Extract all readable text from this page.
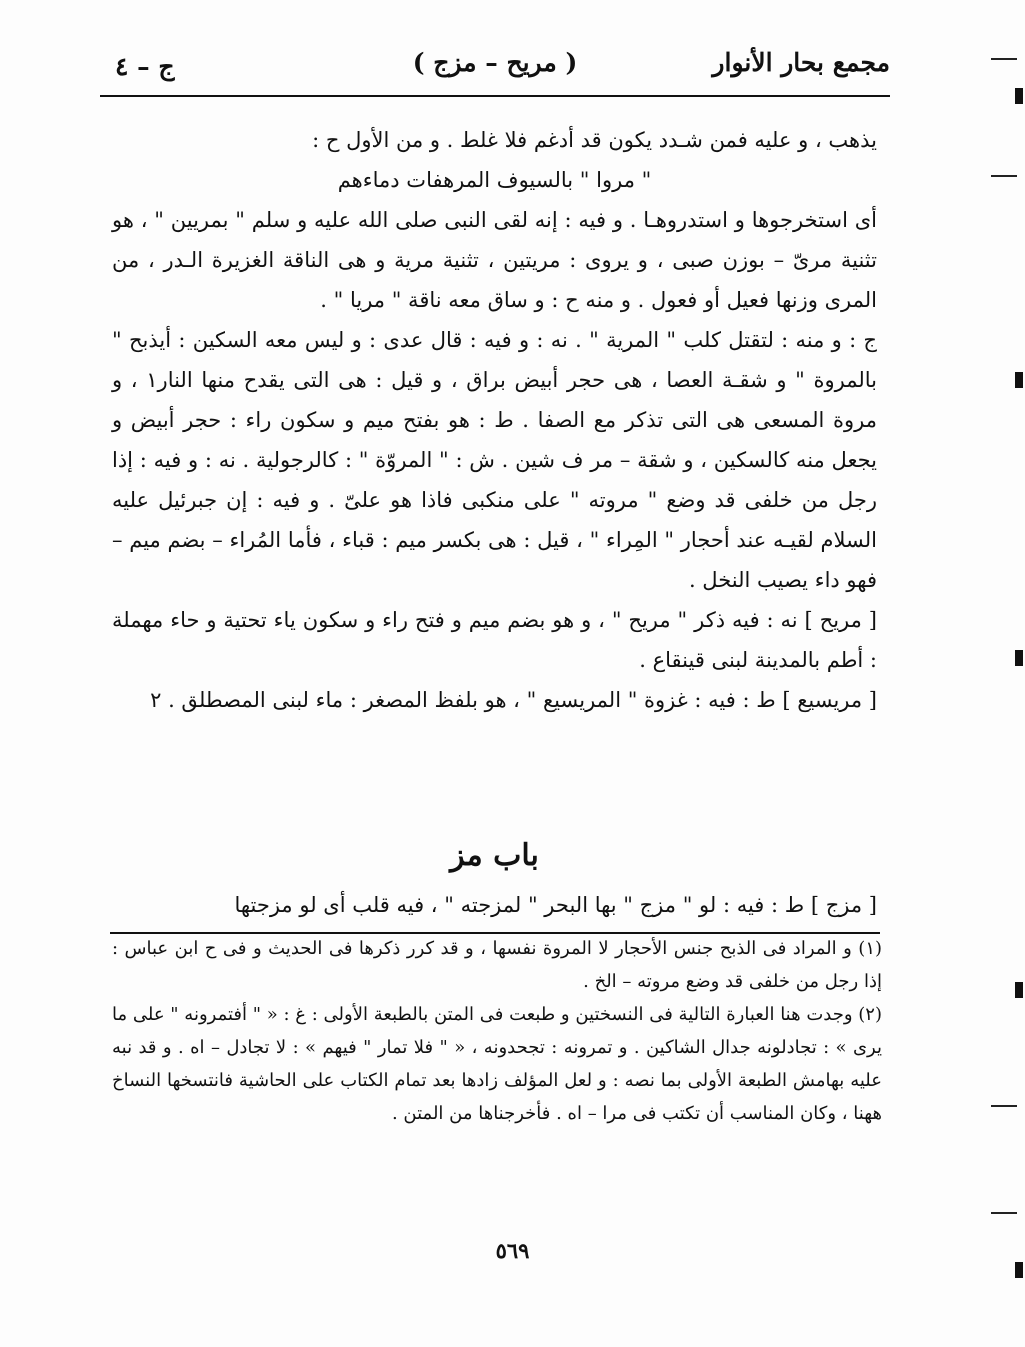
مجمع بحار الأنوار
( مريح – مزج )
ج – ٤

يذهب ، و عليه فمن شـدد يكون قد أدغم فلا غلط . و من الأول ح :

" مروا " بالسيوف المرهفات دماءهم

أى استخرجوها و استدروهـا . و فيه : إنه لقى النبى صلى الله عليه و سلم " بمريين " ، هو تثنية مرىّ – بوزن صبى ، و يروى : مريتين ، تثنية مرية و هى الناقة الغزيرة الـدر ، من المرى وزنها فعيل أو فعول . و منه ح : و ساق معه ناقة " مريا " .

ج : و منه : لتقتل كلب " المرية " . نه : و فيه : قال عدى : و ليس معه السكين : أيذبح " بالمروة " و شقـة العصا ، هى حجر أبيض براق ، و قيل : هى التى يقدح منها النار١ ، و مروة المسعى هى التى تذكر مع الصفا . ط : هو بفتح ميم و سكون راء : حجر أبيض و يجعل منه كالسكين ، و شقة – مر ف شين . ش : " المروّة " : كالرجولية . نه : و فيه : إذا رجل من خلفى قد وضع " مروته " على منكبى فاذا هو علىّ . و فيه : إن جبرئيل عليه السلام لقيـه عند أحجار " المِراء " ، قيل : هى بكسر ميم : قباء ، فأما المُراء – بضم ميم – فهو داء يصيب النخل .

[ مريح ] نه : فيه ذكر " مريح " ، و هو بضم ميم و فتح راء و سكون ياء تحتية و حاء مهملة : أطم بالمدينة لبنى قينقاع .

[ مريسيع ] ط : فيه : غزوة " المريسيع " ، هو بلفظ المصغر : ماء لبنى المصطلق . ٢

باب مز
[ مزج ] ط : فيه : لو " مزج " بها البحر " لمزجته " ، فيه قلب أى لو مزجتها

(١) و المراد فى الذبح جنس الأحجار لا المروة نفسها ، و قد كرر ذكرها فى الحديث و فى ح ابن عباس : إذا رجل من خلفى قد وضع مروته – الخ .

(٢) وجدت هنا العبارة التالية فى النسختين و طبعت فى المتن بالطبعة الأولى : غ : « " أفتمرونه " على ما يرى » : تجادلونه جدال الشاكين . و تمرونه : تجحدونه ، « " فلا تمار " فيهم » : لا تجادل – اه . و قد نبه عليه بهامش الطبعة الأولى بما نصه : و لعل المؤلف زادها بعد تمام الكتاب على الحاشية فانتسخها النساخ ههنا ، وكان المناسب أن تكتب فى مرا – اه . فأخرجناها من المتن .

٥٦٩
